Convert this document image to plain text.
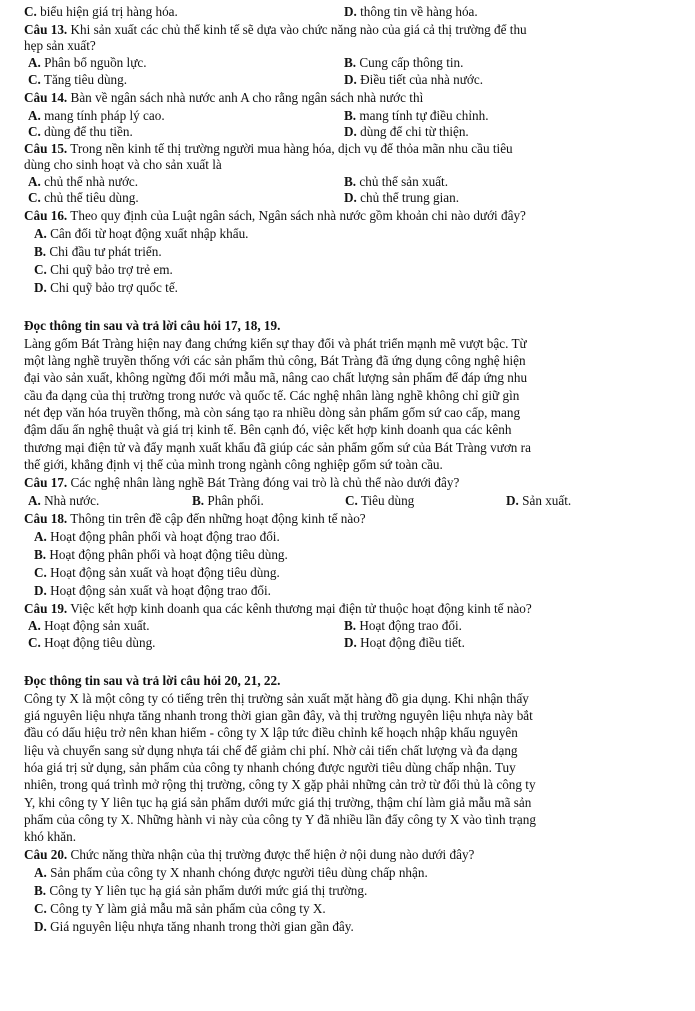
C. biểu hiện giá trị hàng hóa.	D. thông tin về hàng hóa.
Câu 13. Khi sản xuất các chủ thể kinh tế sẽ dựa vào chức năng nào của giá cả thị trường để thu
hẹp sản xuất?
A. Phân bổ nguồn lực.	B. Cung cấp thông tin.
C. Tăng tiêu dùng.	D. Điều tiết của nhà nước.
Câu 14. Bàn về ngân sách nhà nước anh A cho rằng ngân sách nhà nước thì
A. mang tính pháp lý cao.	B. mang tính tự điều chỉnh.
C. dùng để thu tiền.	D. dùng để chi từ thiện.
Câu 15. Trong nền kinh tế thị trường người mua hàng hóa, dịch vụ để thỏa mãn nhu cầu tiêu
dùng cho sinh hoạt và cho sản xuất là
A. chủ thể nhà nước.	B. chủ thể sản xuất.
C. chủ thể tiêu dùng.	D. chủ thể trung gian.
Câu 16. Theo quy định của Luật ngân sách, Ngân sách nhà nước gồm khoản chi nào dưới đây?
A. Cân đối từ hoạt động xuất nhập khẩu.
B. Chi đầu tư phát triển.
C. Chi quỹ bảo trợ trẻ em.
D. Chi quỹ bảo trợ quốc tế.
Đọc thông tin sau và trả lời câu hỏi 17, 18, 19.
Làng gốm Bát Tràng hiện nay đang chứng kiến sự thay đổi và phát triển mạnh mẽ vượt bậc. Từ
một làng nghề truyền thống với các sản phẩm thủ công, Bát Tràng đã ứng dụng công nghệ hiện
đại vào sản xuất, không ngừng đổi mới mẫu mã, nâng cao chất lượng sản phẩm để đáp ứng nhu
cầu đa dạng của thị trường trong nước và quốc tế. Các nghệ nhân làng nghề không chỉ giữ gìn
nét đẹp văn hóa truyền thống, mà còn sáng tạo ra nhiều dòng sản phẩm gốm sứ cao cấp, mang
đậm dấu ấn nghệ thuật và giá trị kinh tế. Bên cạnh đó, việc kết hợp kinh doanh qua các kênh
thương mại điện tử và đẩy mạnh xuất khẩu đã giúp các sản phẩm gốm sứ của Bát Tràng vươn ra
thế giới, khẳng định vị thế của mình trong ngành công nghiệp gốm sứ toàn cầu.
Câu 17. Các nghệ nhân làng nghề Bát Tràng đóng vai trò là chủ thể nào dưới đây?
A. Nhà nước.	B. Phân phối.	C. Tiêu dùng	D. Sản xuất.
Câu 18. Thông tin trên đề cập đến những hoạt động kinh tế nào?
A. Hoạt động phân phối và hoạt động trao đổi.
B. Hoạt động phân phối và hoạt động tiêu dùng.
C. Hoạt động sản xuất và hoạt động tiêu dùng.
D. Hoạt động sản xuất và hoạt động trao đổi.
Câu 19. Việc kết hợp kinh doanh qua các kênh thương mại điện tử thuộc hoạt động kinh tế nào?
A. Hoạt động sản xuất.	B. Hoạt động trao đổi.
C. Hoạt động tiêu dùng.	D. Hoạt động điều tiết.
Đọc thông tin sau và trả lời câu hỏi 20, 21, 22.
Công ty X là một công ty có tiếng trên thị trường sản xuất mặt hàng đồ gia dụng. Khi nhận thấy
giá nguyên liệu nhựa tăng nhanh trong thời gian gần đây, và thị trường nguyên liệu nhựa này bắt
đầu có dấu hiệu trở nên khan hiếm - công ty X lập tức điều chỉnh kế hoạch nhập khẩu nguyên
liệu và chuyển sang sử dụng nhựa tái chế để giảm chi phí. Nhờ cải tiến chất lượng và đa dạng
hóa giá trị sử dụng, sản phẩm của công ty nhanh chóng được người tiêu dùng chấp nhận. Tuy
nhiên, trong quá trình mở rộng thị trường, công ty X gặp phải những cản trở từ đối thủ là công ty
Y, khi công ty Y liên tục hạ giá sản phẩm dưới mức giá thị trường, thậm chí làm giả mẫu mã sản
phẩm của công ty X. Những hành vi này của công ty Y đã nhiều lần đẩy công ty X vào tình trạng
khó khăn.
Câu 20. Chức năng thừa nhận của thị trường được thể hiện ở nội dung nào dưới đây?
A. Sản phẩm của công ty X nhanh chóng được người tiêu dùng chấp nhận.
B. Công ty Y liên tục hạ giá sản phẩm dưới mức giá thị trường.
C. Công ty Y làm giả mẫu mã sản phẩm của công ty X.
D. Giá nguyên liệu nhựa tăng nhanh trong thời gian gần đây.
